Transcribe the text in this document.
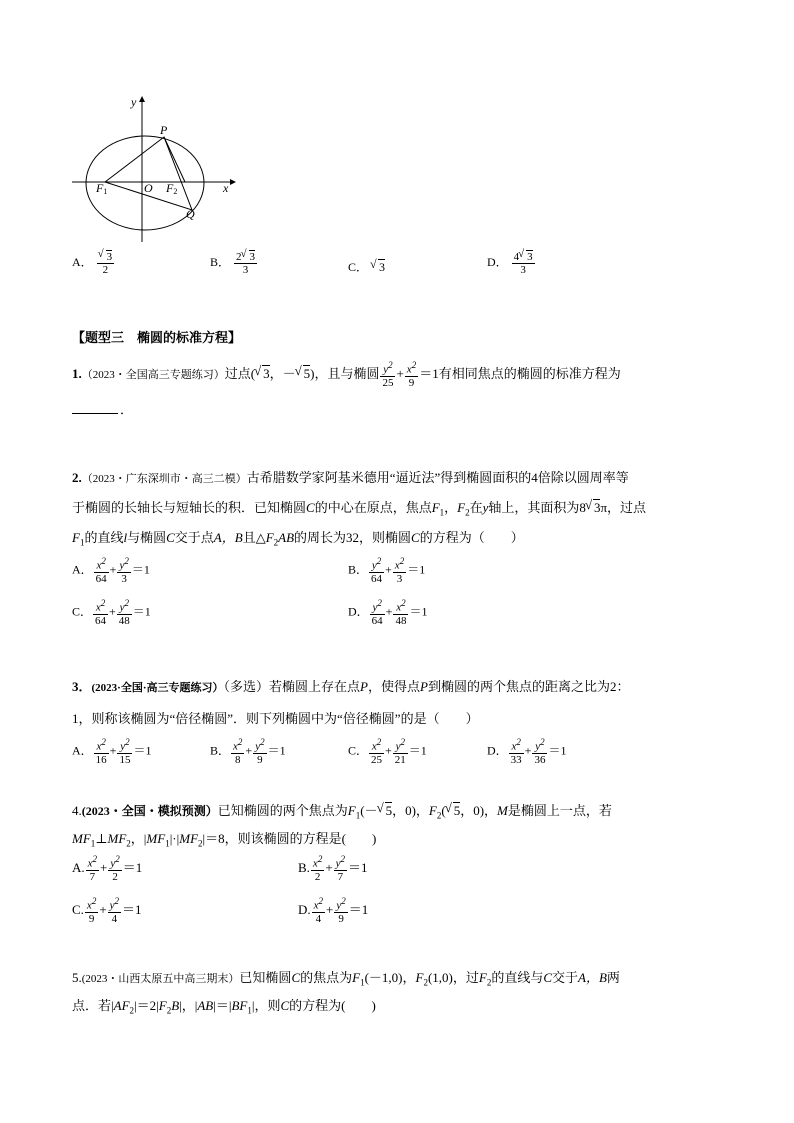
y
x
P
Q
O
F1	F2
A．
√ $\frac{3}{2}$	B． $\frac{2√ 3}{3}$	C． √ 3	D． $\frac{4√ 3}{3}$
【题型三　椭圆的标准方程】
1.（2023・全国高三专题练习）过点(√ 3，－√ 5)，且与椭圆 $\frac{y^2}{25} + \frac{x^2}{9} =1$有相同焦点的椭圆的标准方程为
．
2.（2023・广东深圳市・高三二模）古希腊数学家阿基米德用“逼近法”得到椭圆面积的4倍除以圆周率等
于椭圆的长轴长与短轴长的积．已知椭圆C的中心在原点，焦点$F_1$，$F_2$在y轴上，其面积为8√ 3π，过点
$F_1$的直线l与椭圆C交于点A，B且$\triangle F_2AB$的周长为32，则椭圆C的方程为（　　）
A． $\frac{x^2}{64} + \frac{y^2}{3} =1$	B． $\frac{y^2}{64} + \frac{x^2}{3} =1$
C． $\frac{x^2}{64} + \frac{y^2}{48} =1$	D． $\frac{y^2}{64} + \frac{x^2}{48} =1$
3．(2023·全国·高三专题练习）（多选）若椭圆上存在点P，使得点P到椭圆的两个焦点的距离之比为2：
1，则称该椭圆为“倍径椭圆”．则下列椭圆中为“倍径椭圆”的是（　　）
A． $\frac{x^2}{16} + \frac{y^2}{15} =1$	B． $\frac{x^2}{8} + \frac{y^2}{9} =1$	C． $\frac{x^2}{25} + \frac{y^2}{21} =1$	D． $\frac{x^2}{33} + \frac{y^2}{36} =1$
4.(2023・全国・模拟预测）已知椭圆的两个焦点为$F_1(-√$ 5，0)，$F_2(√$ 5，0)，M是椭圆上一点，若
$MF_1\perp MF_2$，$|MF_1|\cdot|MF_2|=8$，则该椭圆的方程是(　　)
A. $\frac{x^2}{7} + \frac{y^2}{2} =1$	B. $\frac{x^2}{2} + \frac{y^2}{7} =1$
C. $\frac{x^2}{9} + \frac{y^2}{4} =1$	D. $\frac{x^2}{4} + \frac{y^2}{9} =1$
5.(2023・山西太原五中高三期末）已知椭圆C的焦点为$F_1(-1,0)$，$F_2(1,0)$，过$F_2$的直线与C交于A，B两
点．若$|AF_2|=2|F_2B|$，$|AB|=|BF_1|$，则C的方程为(　　)
